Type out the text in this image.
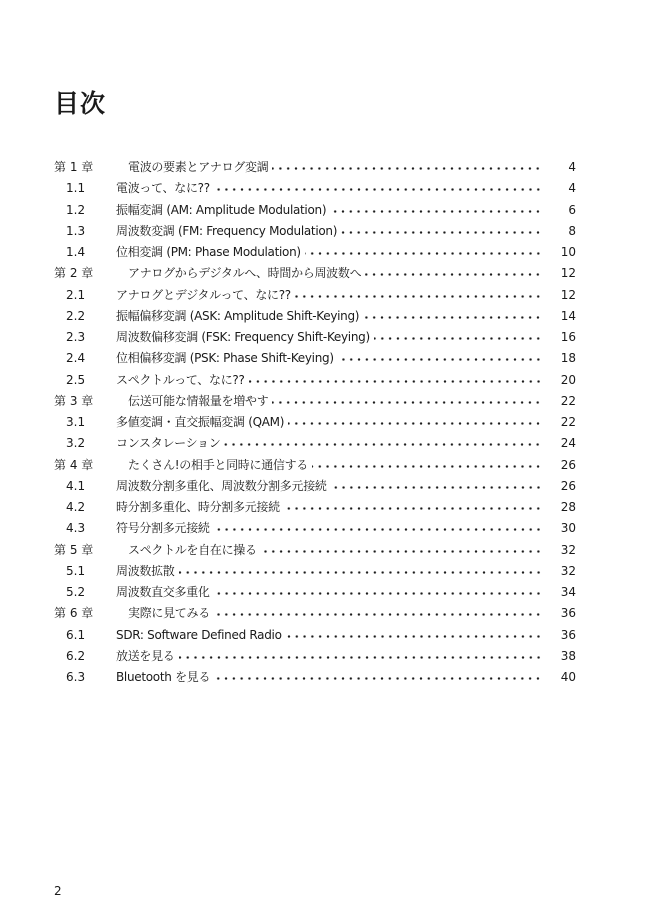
目次
第 1 章	電波の要素とアナログ変調	4
1.1	電波って、なに??	4
1.2	振幅変調 (AM: Amplitude Modulation)	6
1.3	周波数変調 (FM: Frequency Modulation)	8
1.4	位相変調 (PM: Phase Modulation)	10
第 2 章	アナログからデジタルへ、時間から周波数へ	12
2.1	アナログとデジタルって、なに??	12
2.2	振幅偏移変調 (ASK: Amplitude Shift-Keying)	14
2.3	周波数偏移変調 (FSK: Frequency Shift-Keying)	16
2.4	位相偏移変調 (PSK: Phase Shift-Keying)	18
2.5	スペクトルって、なに??	20
第 3 章	伝送可能な情報量を増やす	22
3.1	多値変調・直交振幅変調 (QAM)	22
3.2	コンスタレーション	24
第 4 章	たくさん!の相手と同時に通信する	26
4.1	周波数分割多重化、周波数分割多元接続	26
4.2	時分割多重化、時分割多元接続	28
4.3	符号分割多元接続	30
第 5 章	スペクトルを自在に操る	32
5.1	周波数拡散	32
5.2	周波数直交多重化	34
第 6 章	実際に見てみる	36
6.1	SDR: Software Defined Radio	36
6.2	放送を見る	38
6.3	Bluetooth を見る	40
2
